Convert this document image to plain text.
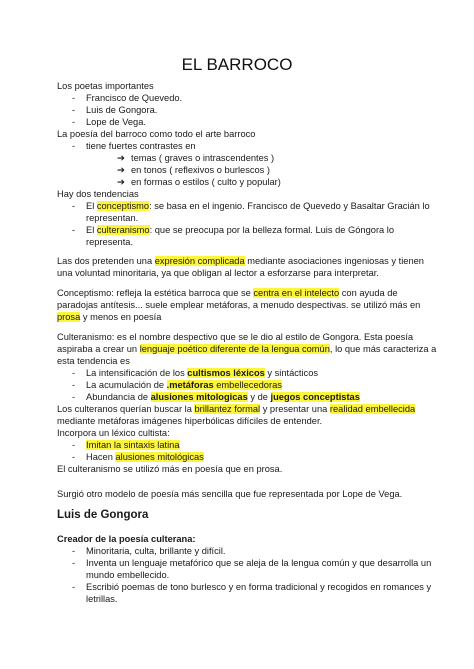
EL BARROCO
Los poetas importantes
- Francisco de Quevedo.
- Luis de Gongora.
- Lope de Vega.
La poesía del barroco como todo el arte barroco
- tiene fuertes contrastes en
➔ temas ( graves o intrascendentes )
➔ en tonos ( reflexivos o burlescos )
➔ en formas o estilos ( culto y popular)
Hay dos tendencias
- El conceptismo: se basa en el ingenio. Francisco de Quevedo y Basaltar Gracián lo
representan.
- El culteranismo: que se preocupa por la belleza formal. Luis de Góngora lo
representa.
Las dos pretenden una expresión complicada mediante asociaciones ingeniosas y tienen
una voluntad minoritaria, ya que obligan al lector a esforzarse para interpretar.
Conceptismo: refleja la estética barroca que se centra en el intelecto con ayuda de
paradojas antítesis... suele emplear metáforas, a menudo despectivas. se utilizó más en
prosa y menos en poesía
Culteranismo: es el nombre despectivo que se le dio al estilo de Gongora. Esta poesía
aspiraba a crear un lenguaje poético diferente de la lengua común, lo que más caracteriza a
esta tendencia es
- La intensificación de los cultismos léxicos y sintácticos
- La acumulación de .metáforas embellecedoras
- Abundancia de alusiones mitologicas y de juegos conceptistas
Los culteranos querían buscar la brillantez formal y presentar una realidad embellecida
mediante metáforas imágenes hiperbólicas difíciles de entender.
Incorpora un léxico cultista:
- Imitan la sintaxis latina
- Hacen alusiones mitológicas
El culteranismo se utilizó más en poesía que en prosa.
Surgió otro modelo de poesía más sencilla que fue representada por Lope de Vega.
Luis de Gongora
Creador de la poesía culterana:
- Minoritaria, culta, brillante y difícil.
- Inventa un lenguaje metafórico que se aleja de la lengua común y que desarrolla un
mundo embellecido.
- Escribió poemas de tono burlesco y en forma tradicional y recogidos en romances y
letrillas.
